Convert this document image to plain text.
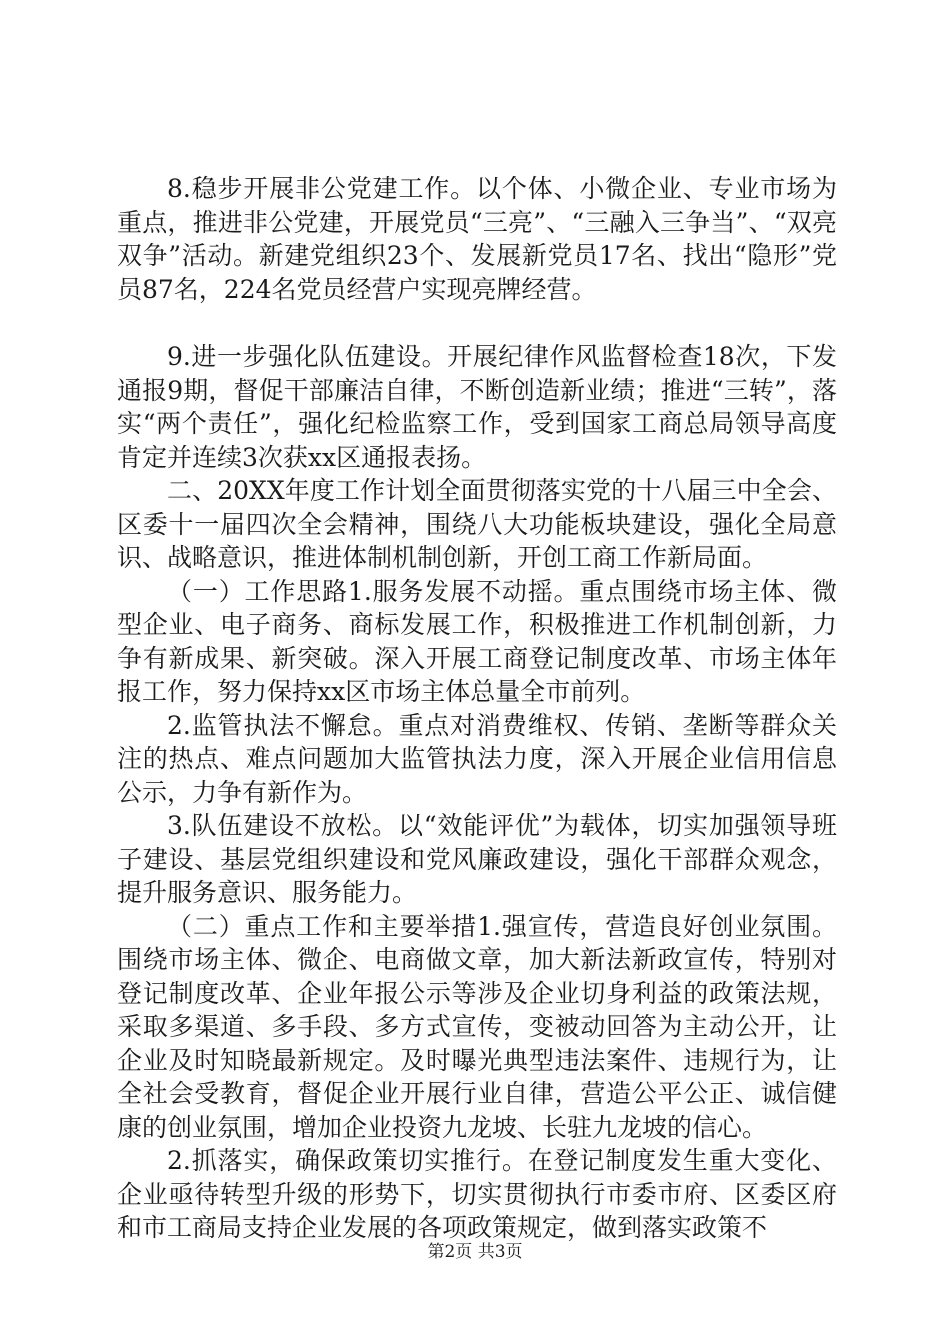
8.稳步开展非公党建工作。以个体、小微企业、专业市场为重点，推进非公党建，开展党员“三亮”、“三融入三争当”、“双亮双争”活动。新建党组织23个、发展新党员17名、找出“隐形”党员87名，224名党员经营户实现亮牌经营。

9.进一步强化队伍建设。开展纪律作风监督检查18次，下发通报9期，督促干部廉洁自律，不断创造新业绩；推进“三转”，落实“两个责任”，强化纪检监察工作，受到国家工商总局领导高度肯定并连续3次获xx区通报表扬。

二、20XX年度工作计划全面贯彻落实党的十八届三中全会、区委十一届四次全会精神，围绕八大功能板块建设，强化全局意识、战略意识，推进体制机制创新，开创工商工作新局面。

（一）工作思路1.服务发展不动摇。重点围绕市场主体、微型企业、电子商务、商标发展工作，积极推进工作机制创新，力争有新成果、新突破。深入开展工商登记制度改革、市场主体年报工作，努力保持xx区市场主体总量全市前列。

2.监管执法不懈怠。重点对消费维权、传销、垄断等群众关注的热点、难点问题加大监管执法力度，深入开展企业信用信息公示，力争有新作为。

3.队伍建设不放松。以“效能评优”为载体，切实加强领导班子建设、基层党组织建设和党风廉政建设，强化干部群众观念，提升服务意识、服务能力。

（二）重点工作和主要举措1.强宣传，营造良好创业氛围。围绕市场主体、微企、电商做文章，加大新法新政宣传，特别对登记制度改革、企业年报公示等涉及企业切身利益的政策法规，采取多渠道、多手段、多方式宣传，变被动回答为主动公开，让企业及时知晓最新规定。及时曝光典型违法案件、违规行为，让全社会受教育，督促企业开展行业自律，营造公平公正、诚信健康的创业氛围，增加企业投资九龙坡、长驻九龙坡的信心。

2.抓落实，确保政策切实推行。在登记制度发生重大变化、企业亟待转型升级的形势下，切实贯彻执行市委市府、区委区府和市工商局支持企业发展的各项政策规定，做到落实政策不

第2页 共3页
